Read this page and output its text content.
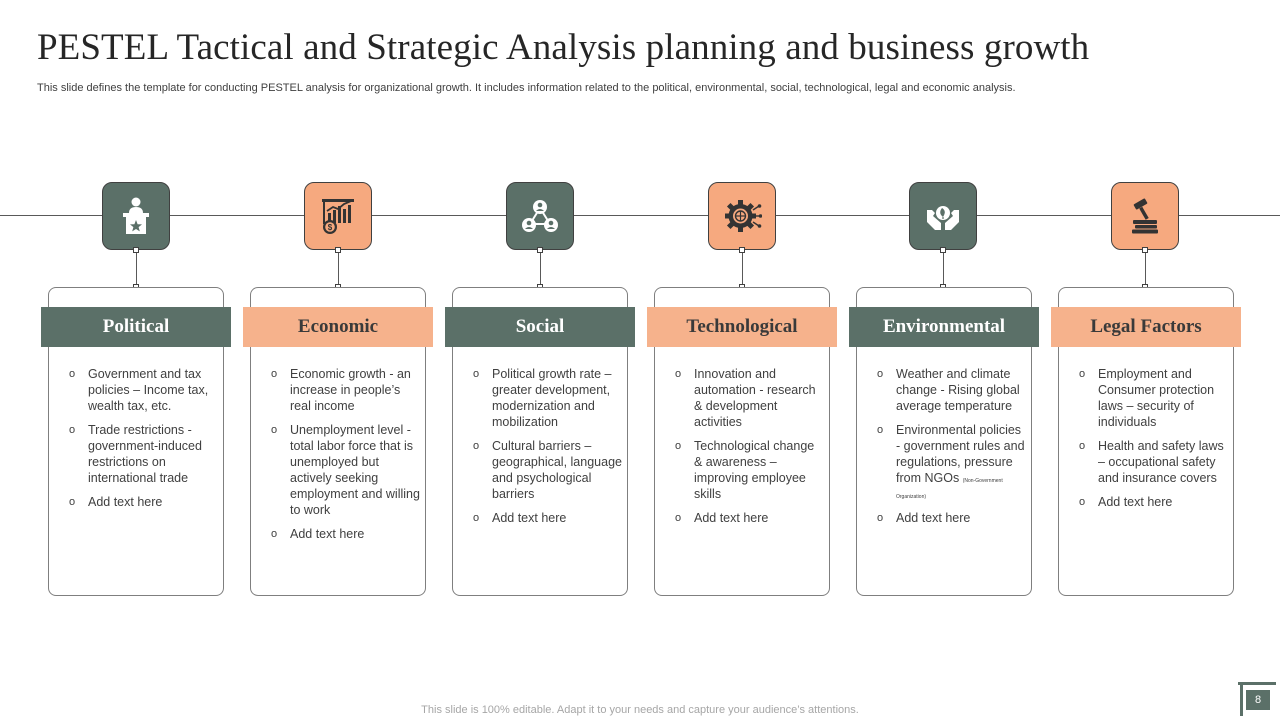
PESTEL Tactical and Strategic Analysis planning and business growth

This slide defines the template for conducting PESTEL analysis for organizational growth. It includes information related to the political, environmental, social, technological, legal and economic analysis.

Political
o Government and tax policies – Income tax, wealth tax, etc.
o Trade restrictions - government-induced restrictions on international trade
o Add text here
$
Economic
o Economic growth - an increase in people’s real income
o Unemployment level - total labor force that is unemployed but actively seeking employment and willing to work
o Add text here
Social
o Political growth rate – greater development, modernization and mobilization
o Cultural barriers – geographical, language and psychological barriers
o Add text here
Technological
o Innovation and automation - research & development activities
o Technological change & awareness – improving employee skills
o Add text here
Environmental
o Weather and climate change - Rising global average temperature
o Environmental policies - government rules and regulations, pressure from NGOs (Non-Government Organization)
o Add text here
Legal Factors
o Employment and Consumer protection laws – security of individuals
o Health and safety laws – occupational safety and insurance covers
o Add text here

This slide is 100% editable. Adapt it to your needs and capture your audience’s attentions.

8
